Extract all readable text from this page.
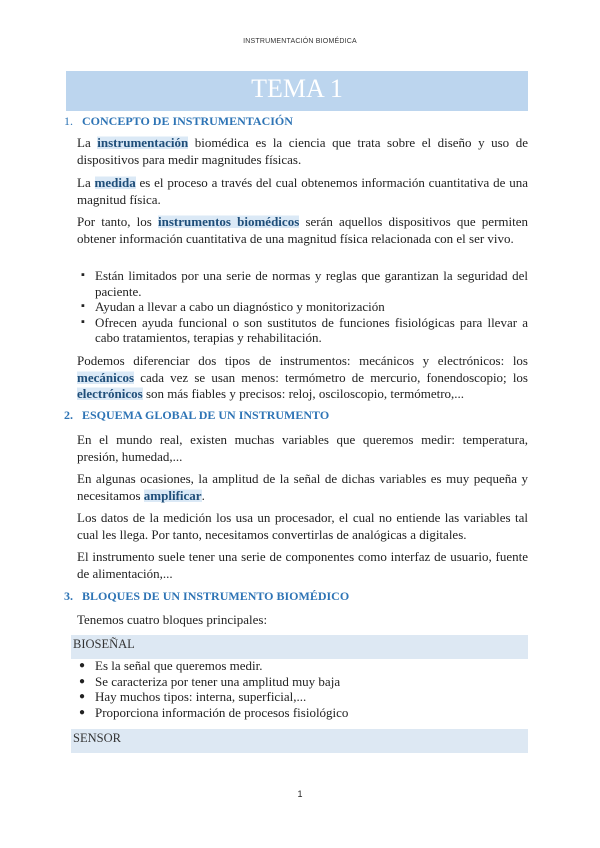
INSTRUMENTACIÓN BIOMÉDICA
TEMA 1
1. CONCEPTO DE INSTRUMENTACIÓN
La instrumentación biomédica es la ciencia que trata sobre el diseño y uso de dispositivos para medir magnitudes físicas.
La medida es el proceso a través del cual obtenemos información cuantitativa de una magnitud física.
Por tanto, los instrumentos biomédicos serán aquellos dispositivos que permiten obtener información cuantitativa de una magnitud física relacionada con el ser vivo.
▪ Están limitados por una serie de normas y reglas que garantizan la seguridad del paciente.
▪ Ayudan a llevar a cabo un diagnóstico y monitorización
▪ Ofrecen ayuda funcional o son sustitutos de funciones fisiológicas para llevar a cabo tratamientos, terapias y rehabilitación.
Podemos diferenciar dos tipos de instrumentos: mecánicos y electrónicos: los mecánicos cada vez se usan menos: termómetro de mercurio, fonendoscopio; los electrónicos son más fiables y precisos: reloj, osciloscopio, termómetro,...
2. ESQUEMA GLOBAL DE UN INSTRUMENTO
En el mundo real, existen muchas variables que queremos medir: temperatura, presión, humedad,...
En algunas ocasiones, la amplitud de la señal de dichas variables es muy pequeña y necesitamos amplificar.
Los datos de la medición los usa un procesador, el cual no entiende las variables tal cual les llega. Por tanto, necesitamos convertirlas de analógicas a digitales.
El instrumento suele tener una serie de componentes como interfaz de usuario, fuente de alimentación,...
3. BLOQUES DE UN INSTRUMENTO BIOMÉDICO
Tenemos cuatro bloques principales:
BIOSEÑAL
● Es la señal que queremos medir.
● Se caracteriza por tener una amplitud muy baja
● Hay muchos tipos: interna, superficial,...
● Proporciona información de procesos fisiológico
SENSOR
1
